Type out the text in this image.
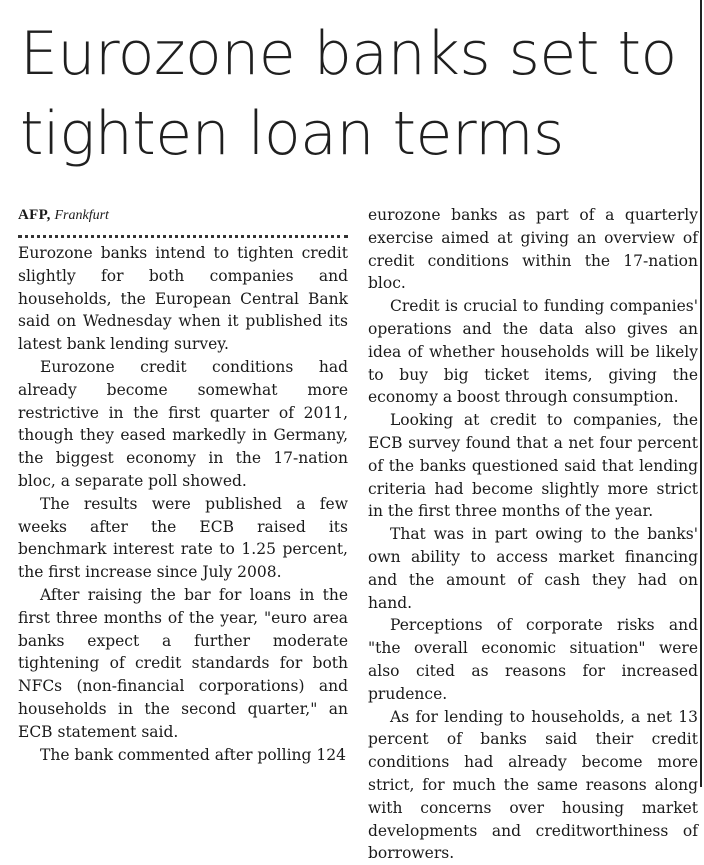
Eurozone banks set to tighten loan terms

AFP, Frankfurt

Eurozone banks intend to tighten credit slightly for both companies and households, the European Central Bank said on Wednesday when it published its latest bank lending survey.

Eurozone credit conditions had already become somewhat more restrictive in the first quarter of 2011, though they eased markedly in Germany, the biggest economy in the 17-nation bloc, a separate poll showed.

The results were published a few weeks after the ECB raised its benchmark interest rate to 1.25 percent, the first increase since July 2008.

After raising the bar for loans in the first three months of the year, "euro area banks expect a further moderate tightening of credit standards for both NFCs (non-financial corporations) and households in the second quarter," an ECB statement said.

The bank commented after polling 124

eurozone banks as part of a quarterly exercise aimed at giving an overview of credit conditions within the 17-nation bloc.

Credit is crucial to funding companies' operations and the data also gives an idea of whether households will be likely to buy big ticket items, giving the economy a boost through consumption.

Looking at credit to companies, the ECB survey found that a net four percent of the banks questioned said that lending criteria had become slightly more strict in the first three months of the year.

That was in part owing to the banks' own ability to access market financing and the amount of cash they had on hand.

Perceptions of corporate risks and "the overall economic situation" were also cited as reasons for increased prudence.

As for lending to households, a net 13 percent of banks said their credit conditions had already become more strict, for much the same reasons along with concerns over housing market developments and creditworthiness of borrowers.
